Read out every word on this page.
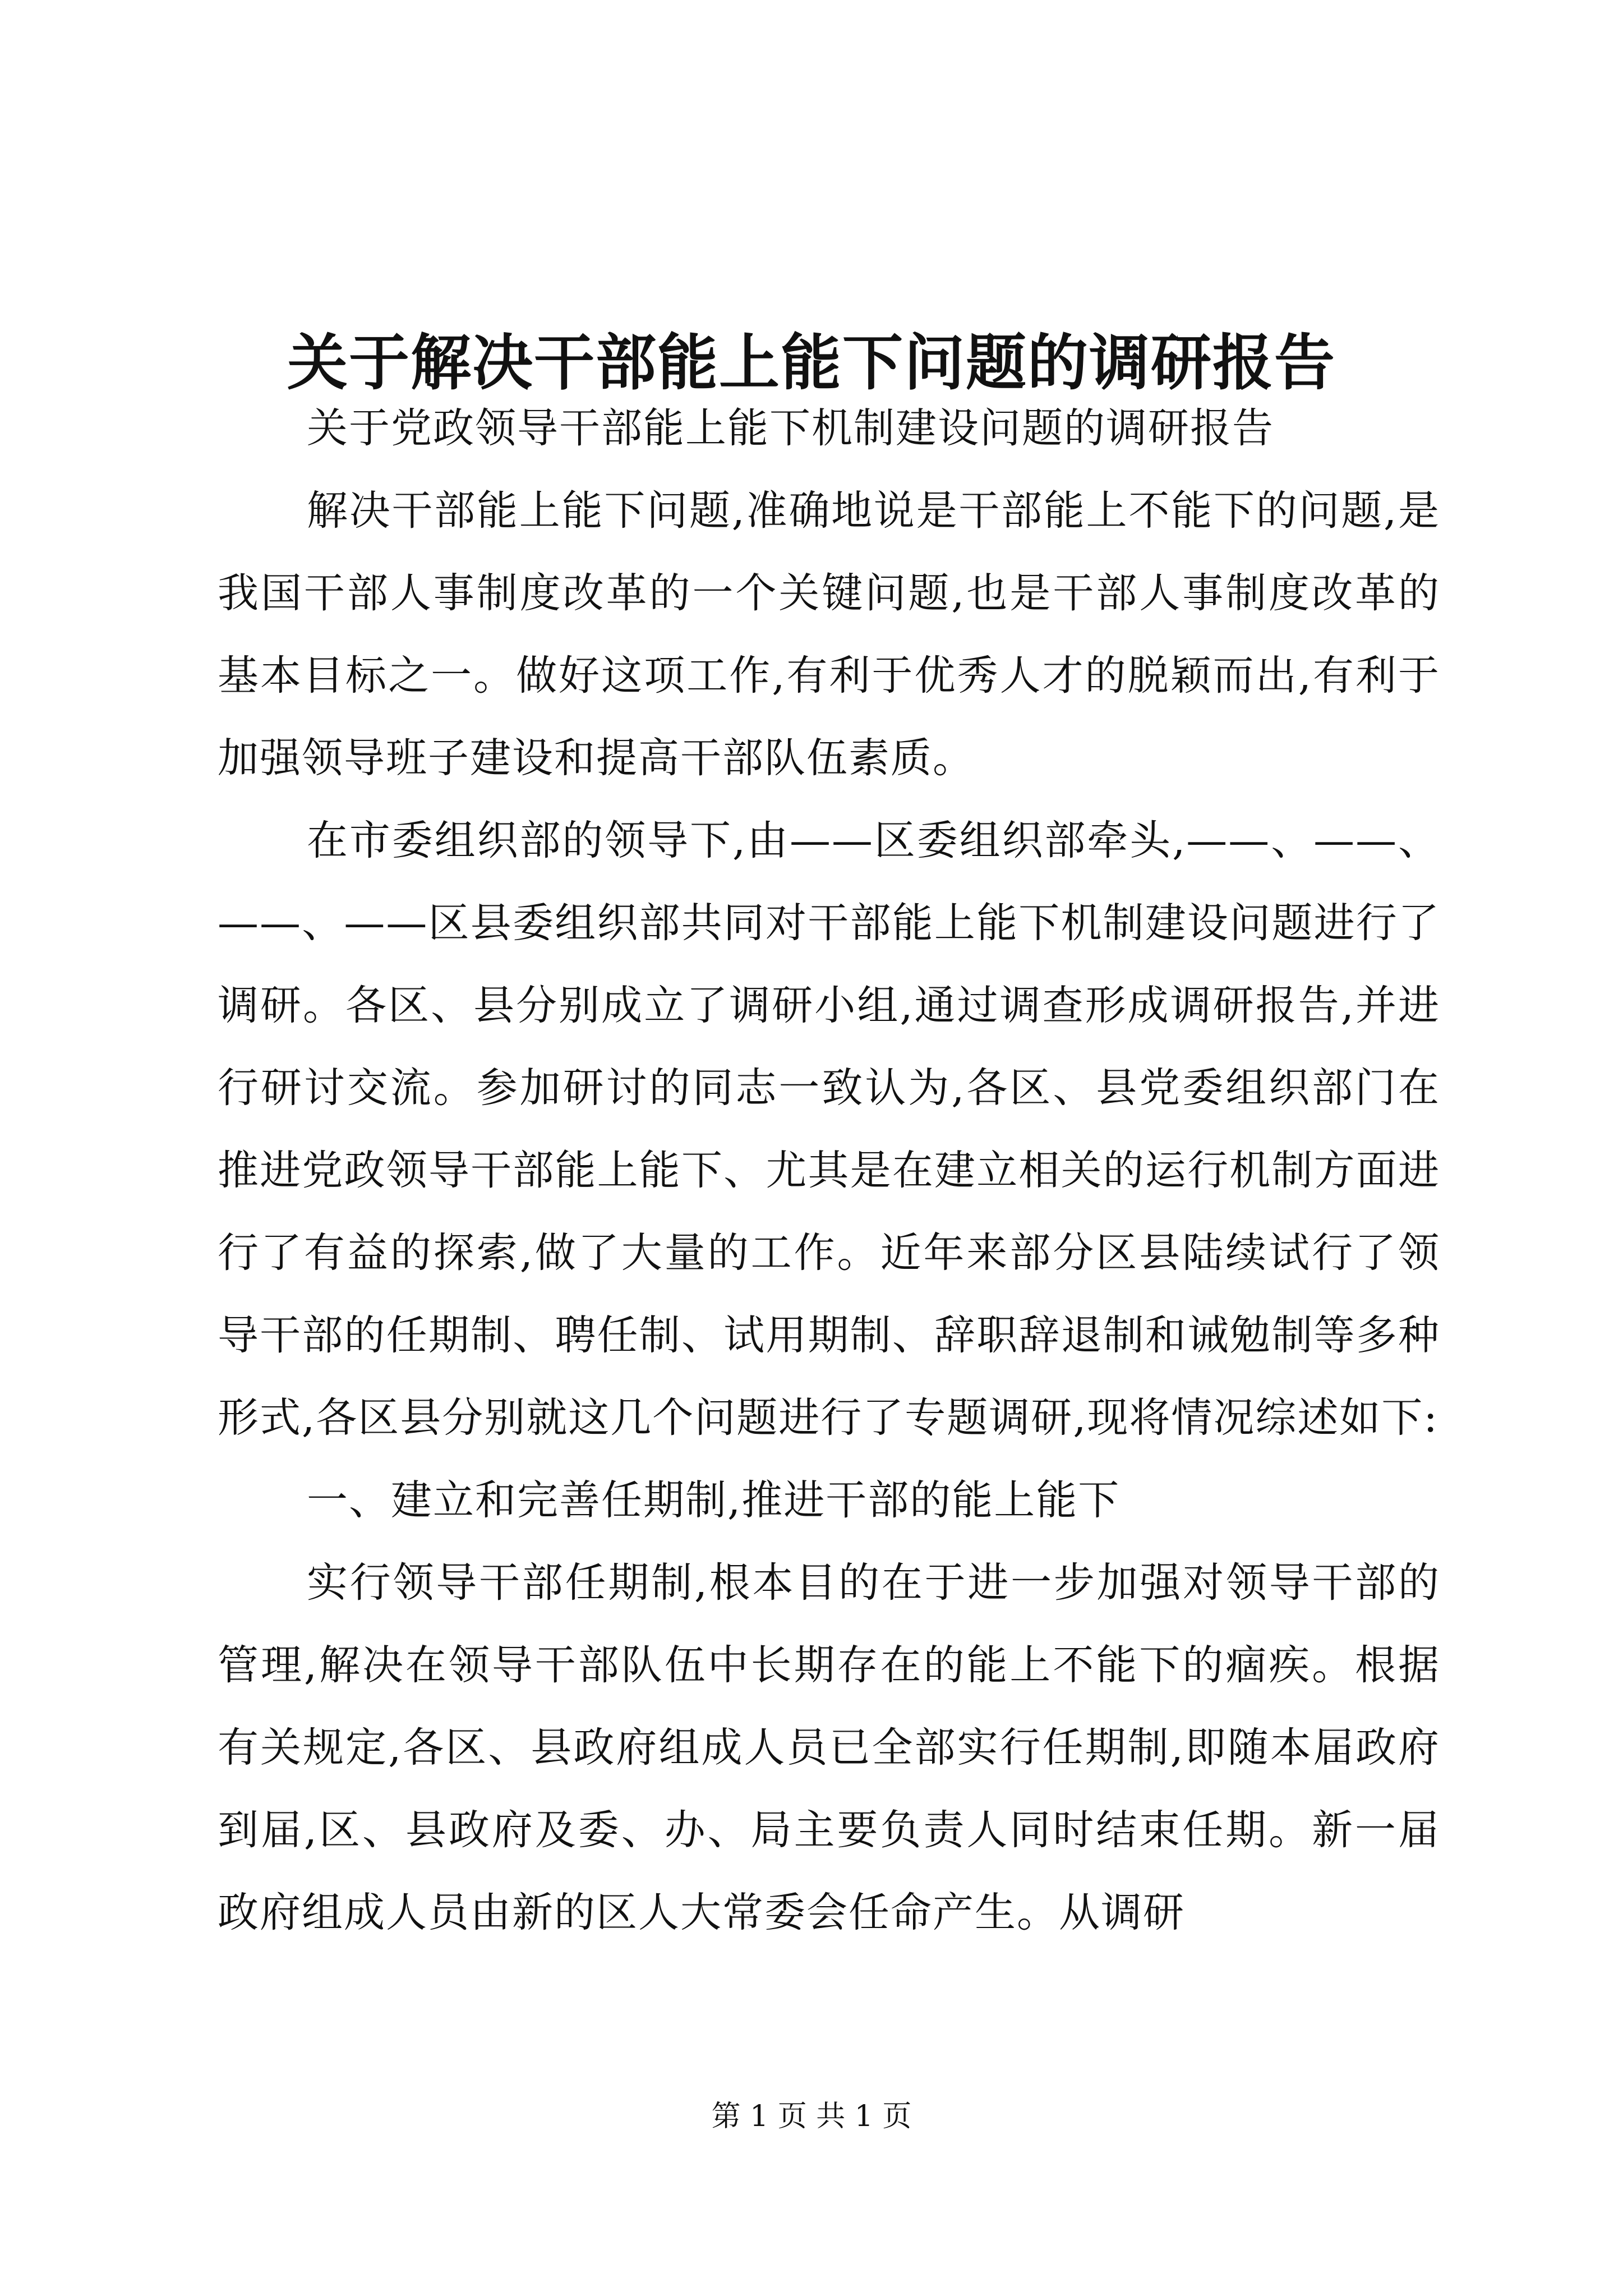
关于解决干部能上能下问题的调研报告

关于党政领导干部能上能下机制建设问题的调研报告

解决干部能上能下问题,准确地说是干部能上不能下的问题,是我国干部人事制度改革的一个关键问题,也是干部人事制度改革的基本目标之一。做好这项工作,有利于优秀人才的脱颖而出,有利于加强领导班子建设和提高干部队伍素质。

在市委组织部的领导下,由——区委组织部牵头,——、——、——、——区县委组织部共同对干部能上能下机制建设问题进行了调研。各区、县分别成立了调研小组,通过调查形成调研报告,并进行研讨交流。参加研讨的同志一致认为,各区、县党委组织部门在推进党政领导干部能上能下、尤其是在建立相关的运行机制方面进行了有益的探索,做了大量的工作。近年来部分区县陆续试行了领导干部的任期制、聘任制、试用期制、辞职辞退制和诫勉制等多种形式,各区县分别就这几个问题进行了专题调研,现将情况综述如下:

一、建立和完善任期制,推进干部的能上能下

实行领导干部任期制,根本目的在于进一步加强对领导干部的管理,解决在领导干部队伍中长期存在的能上不能下的痼疾。根据有关规定,各区、县政府组成人员已全部实行任期制,即随本届政府到届,区、县政府及委、办、局主要负责人同时结束任期。新一届政府组成人员由新的区人大常委会任命产生。从调研

第 1 页 共 1 页
